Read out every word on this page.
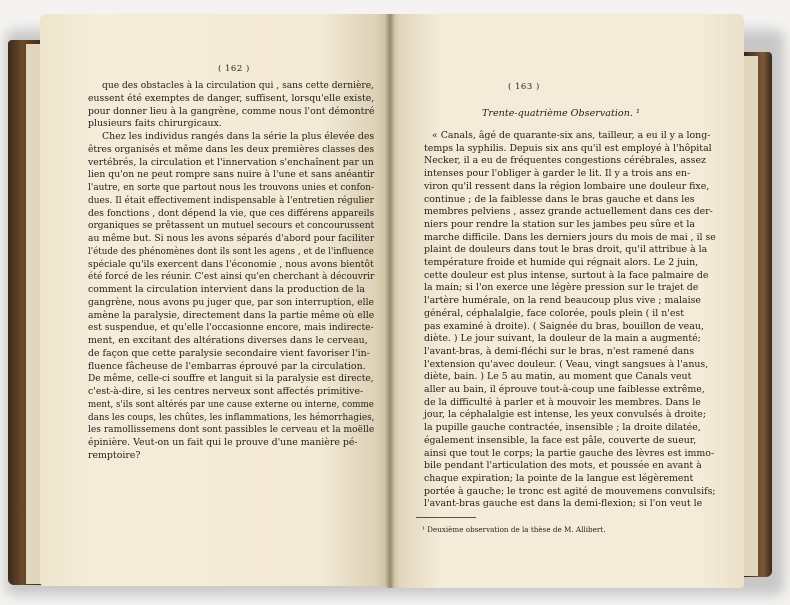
( 162 )
que des obstacles à la circulation qui , sans cette dernière,
eussent été exemptes de danger, suffisent, lorsqu'elle existe,
pour donner lieu à la gangrène, comme nous l'ont démontré
plusieurs faits chirurgicaux.
Chez les individus rangés dans la série la plus élevée des
êtres organisés et même dans les deux premières classes des
vertébrés, la circulation et l'innervation s'enchaînent par un
lien qu'on ne peut rompre sans nuire à l'une et sans anéantir
l'autre, en sorte que partout nous les trouvons unies et confon-
dues. Il était effectivement indispensable à l'entretien régulier
des fonctions , dont dépend la vie, que ces différens appareils
organiques se prêtassent un mutuel secours et concourussent
au même but. Si nous les avons séparés d'abord pour faciliter
l'étude des phénomènes dont ils sont les agens , et de l'influence
spéciale qu'ils exercent dans l'économie , nous avons bientôt
été forcé de les réunir. C'est ainsi qu'en cherchant à découvrir
comment la circulation intervient dans la production de la
gangrène, nous avons pu juger que, par son interruption, elle
amène la paralysie, directement dans la partie même où elle
est suspendue, et qu'elle l'occasionne encore, mais indirecte-
ment, en excitant des altérations diverses dans le cerveau,
de façon que cette paralysie secondaire vient favoriser l'in-
fluence fâcheuse de l'embarras éprouvé par la circulation.
De même, celle-ci souffre et languit si la paralysie est directe,
c'est-à-dire, si les centres nerveux sont affectés primitive-
ment, s'ils sont altérés par une cause externe ou interne, comme
dans les coups, les chûtes, les inflammations, les hémorrhagies,
les ramollissemens dont sont passibles le cerveau et la moëlle
épinière. Veut-on un fait qui le prouve d'une manière pé-
remptoire?
( 163 )
Trente-quatrième Observation. ¹
« Canals, âgé de quarante-six ans, tailleur, a eu il y a long-
temps la syphilis. Depuis six ans qu'il est employé à l'hôpital
Necker, il a eu de fréquentes congestions cérébrales, assez
intenses pour l'obliger à garder le lit. Il y a trois ans en-
viron qu'il ressent dans la région lombaire une douleur fixe,
continue ; de la faiblesse dans le bras gauche et dans les
membres pelviens , assez grande actuellement dans ces der-
niers pour rendre la station sur les jambes peu sûre et la
marche difficile. Dans les derniers jours du mois de mai , il se
plaint de douleurs dans tout le bras droit, qu'il attribue à la
température froide et humide qui régnait alors. Le 2 juin,
cette douleur est plus intense, surtout à la face palmaire de
la main; si l'on exerce une légère pression sur le trajet de
l'artère humérale, on la rend beaucoup plus vive ; malaise
général, céphalalgie, face colorée, pouls plein ( il n'est
pas examiné à droite). ( Saignée du bras, bouillon de veau,
diète. ) Le jour suivant, la douleur de la main a augmenté;
l'avant-bras, à demi-fléchi sur le bras, n'est ramené dans
l'extension qu'avec douleur. ( Veau, vingt sangsues à l'anus,
diète, bain. ) Le 5 au matin, au moment que Canals veut
aller au bain, il éprouve tout-à-coup une faiblesse extrême,
de la difficulté à parler et à mouvoir les membres. Dans le
jour, la céphalalgie est intense, les yeux convulsés à droite;
la pupille gauche contractée, insensible ; la droite dilatée,
également insensible, la face est pâle, couverte de sueur,
ainsi que tout le corps; la partie gauche des lèvres est immo-
bile pendant l'articulation des mots, et poussée en avant à
chaque expiration; la pointe de la langue est légèrement
portée à gauche; le tronc est agité de mouvemens convulsifs;
l'avant-bras gauche est dans la demi-flexion; si l'on veut le
¹ Deuxième observation de la thèse de M. Allibert.
